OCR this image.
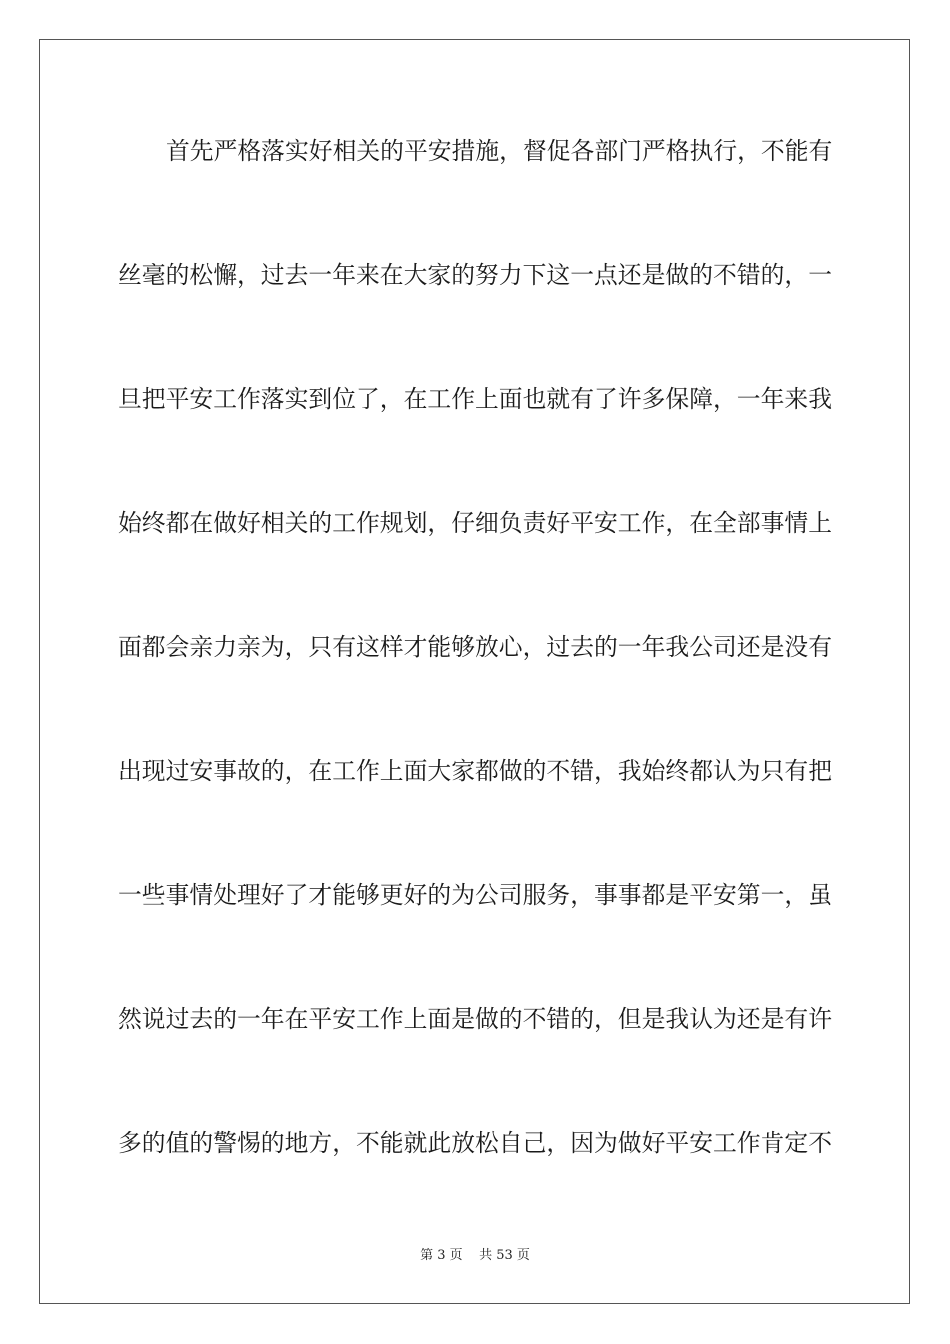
首先严格落实好相关的平安措施，督促各部门严格执行，不能有
丝毫的松懈，过去一年来在大家的努力下这一点还是做的不错的，一
旦把平安工作落实到位了，在工作上面也就有了许多保障，一年来我
始终都在做好相关的工作规划，仔细负责好平安工作，在全部事情上
面都会亲力亲为，只有这样才能够放心，过去的一年我公司还是没有
出现过安事故的，在工作上面大家都做的不错，我始终都认为只有把
一些事情处理好了才能够更好的为公司服务，事事都是平安第一，虽
然说过去的一年在平安工作上面是做的不错的，但是我认为还是有许
多的值的警惕的地方，不能就此放松自己，因为做好平安工作肯定不
第 3 页    共 53 页
